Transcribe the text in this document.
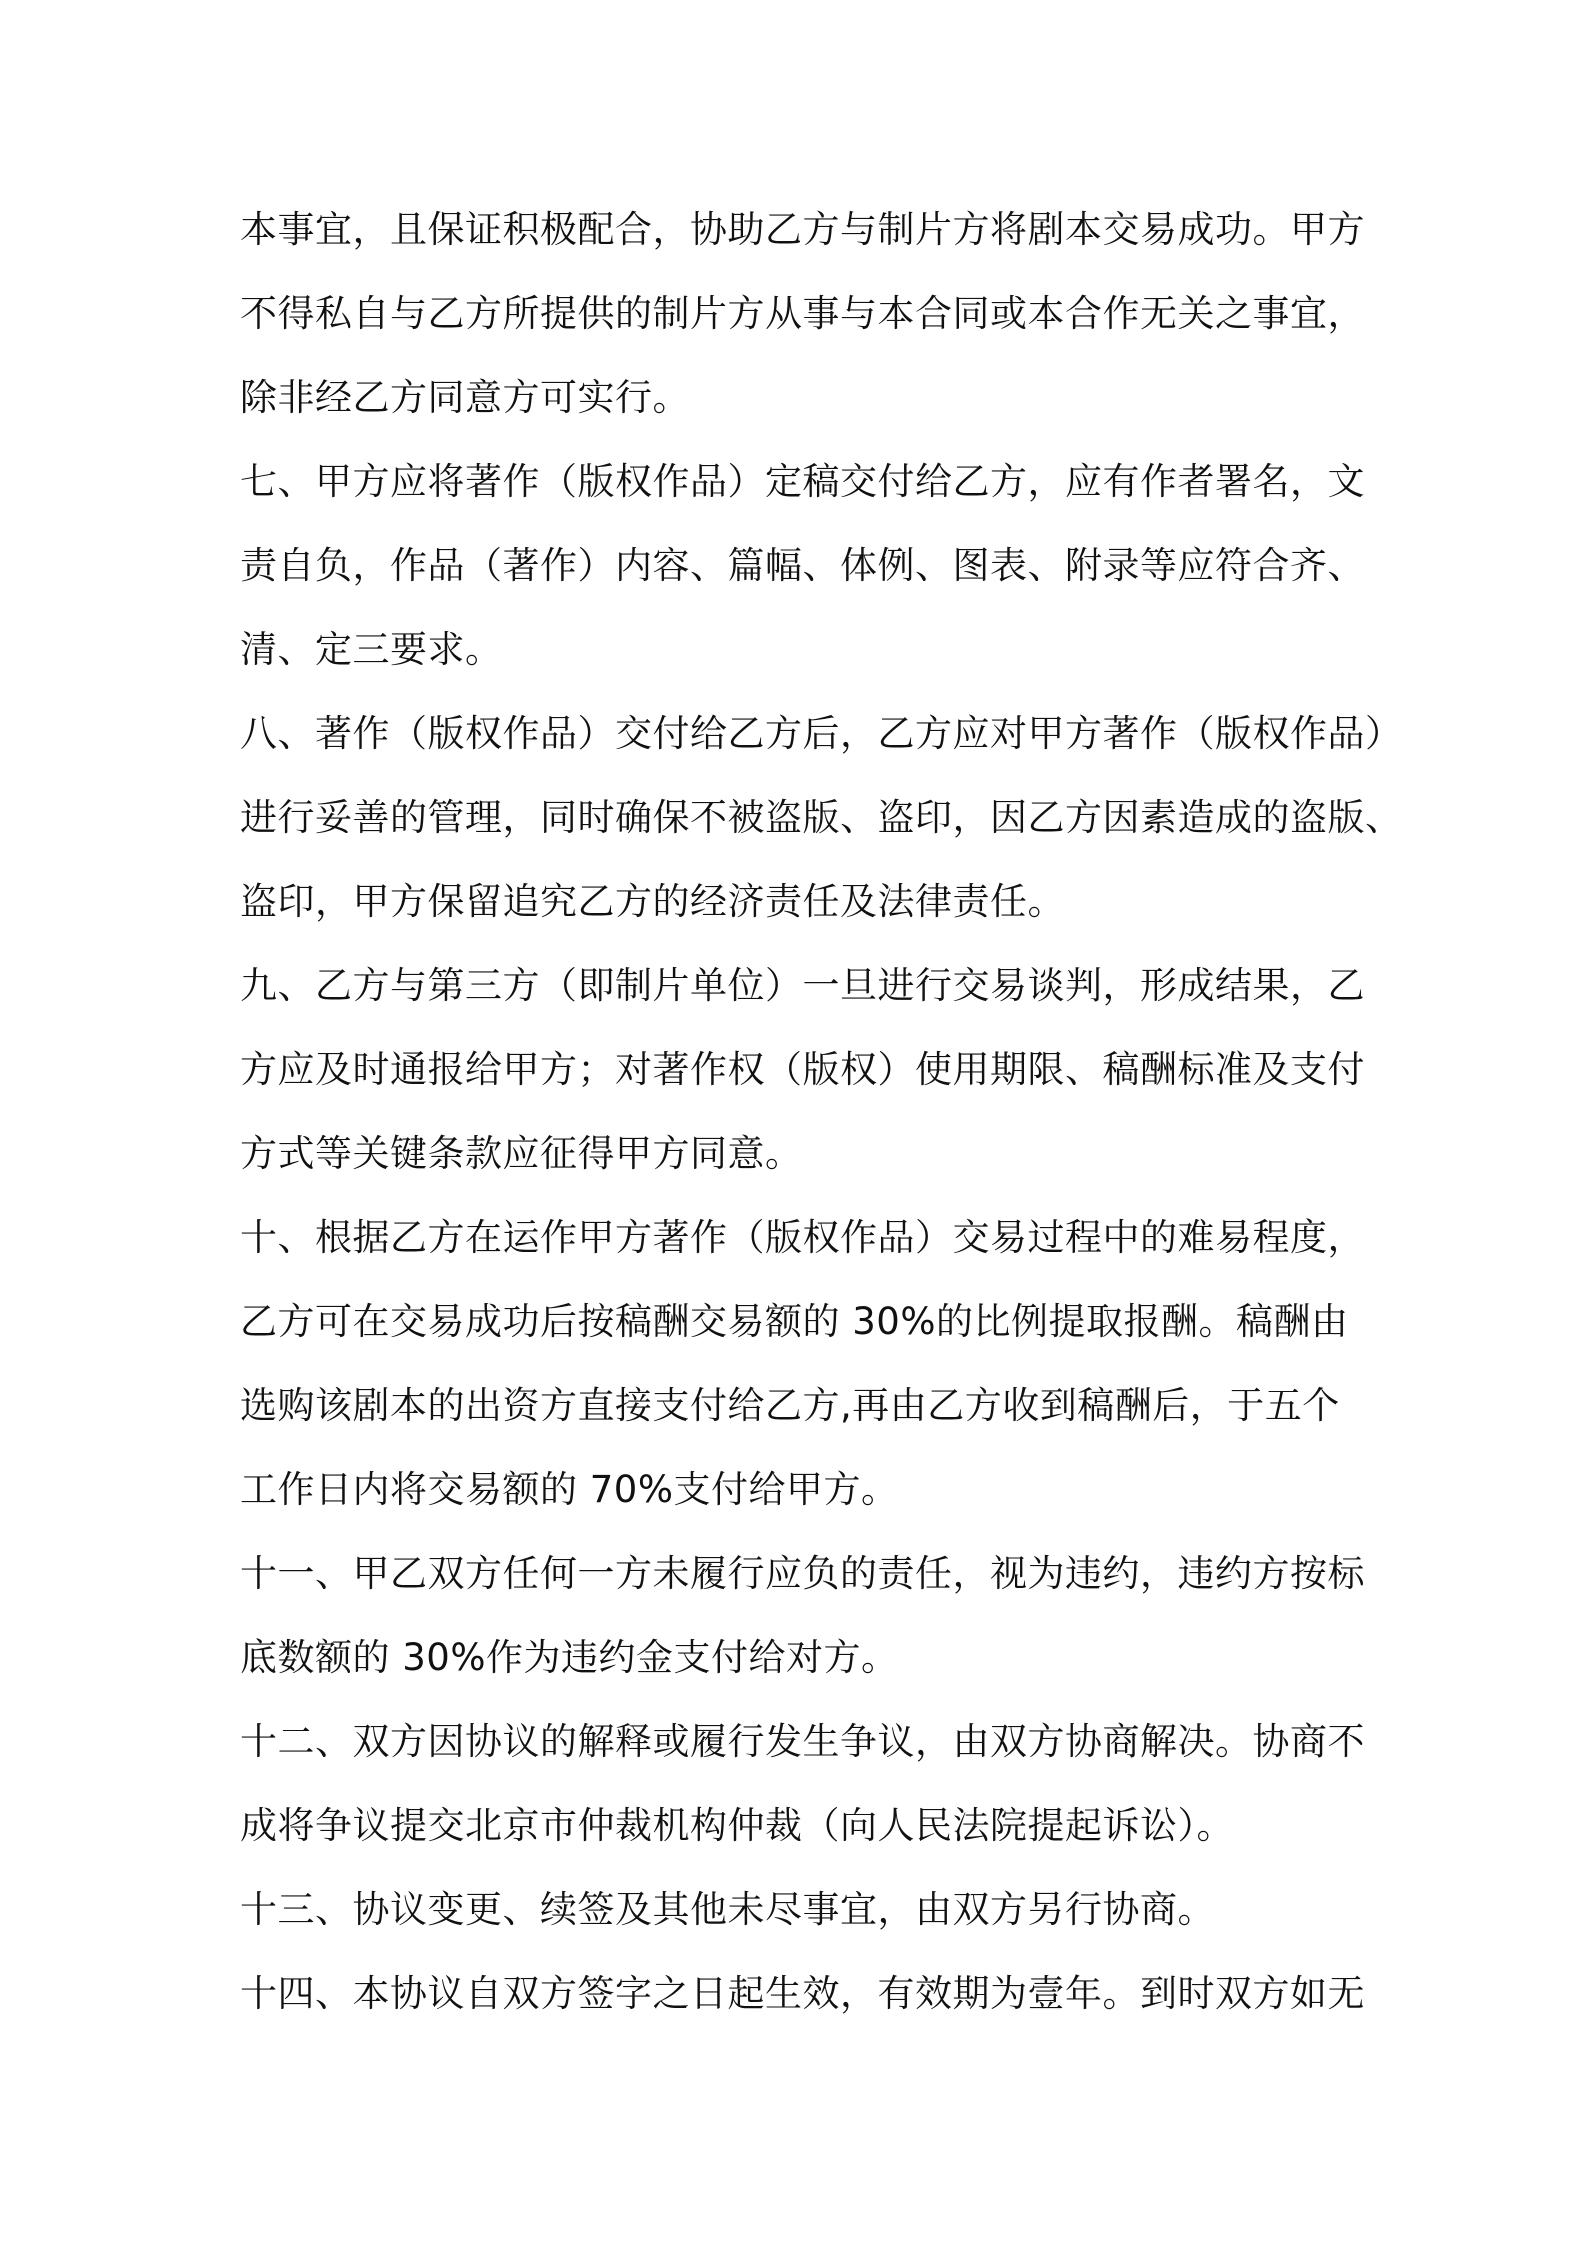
本事宜，且保证积极配合，协助乙方与制片方将剧本交易成功。甲方
不得私自与乙方所提供的制片方从事与本合同或本合作无关之事宜，
除非经乙方同意方可实行。
七、甲方应将著作（版权作品）定稿交付给乙方，应有作者署名，文
责自负，作品（著作）内容、篇幅、体例、图表、附录等应符合齐、
清、定三要求。
八、著作（版权作品）交付给乙方后，乙方应对甲方著作（版权作品）
进行妥善的管理，同时确保不被盗版、盗印，因乙方因素造成的盗版、
盗印，甲方保留追究乙方的经济责任及法律责任。
九、乙方与第三方（即制片单位）一旦进行交易谈判，形成结果，乙
方应及时通报给甲方；对著作权（版权）使用期限、稿酬标准及支付
方式等关键条款应征得甲方同意。
十、根据乙方在运作甲方著作（版权作品）交易过程中的难易程度，
乙方可在交易成功后按稿酬交易额的 30%的比例提取报酬。稿酬由
选购该剧本的出资方直接支付给乙方,再由乙方收到稿酬后，于五个
工作日内将交易额的 70%支付给甲方。
十一、甲乙双方任何一方未履行应负的责任，视为违约，违约方按标
底数额的 30%作为违约金支付给对方。
十二、双方因协议的解释或履行发生争议，由双方协商解决。协商不
成将争议提交北京市仲裁机构仲裁（向人民法院提起诉讼）。
十三、协议变更、续签及其他未尽事宜，由双方另行协商。
十四、本协议自双方签字之日起生效，有效期为壹年。到时双方如无
